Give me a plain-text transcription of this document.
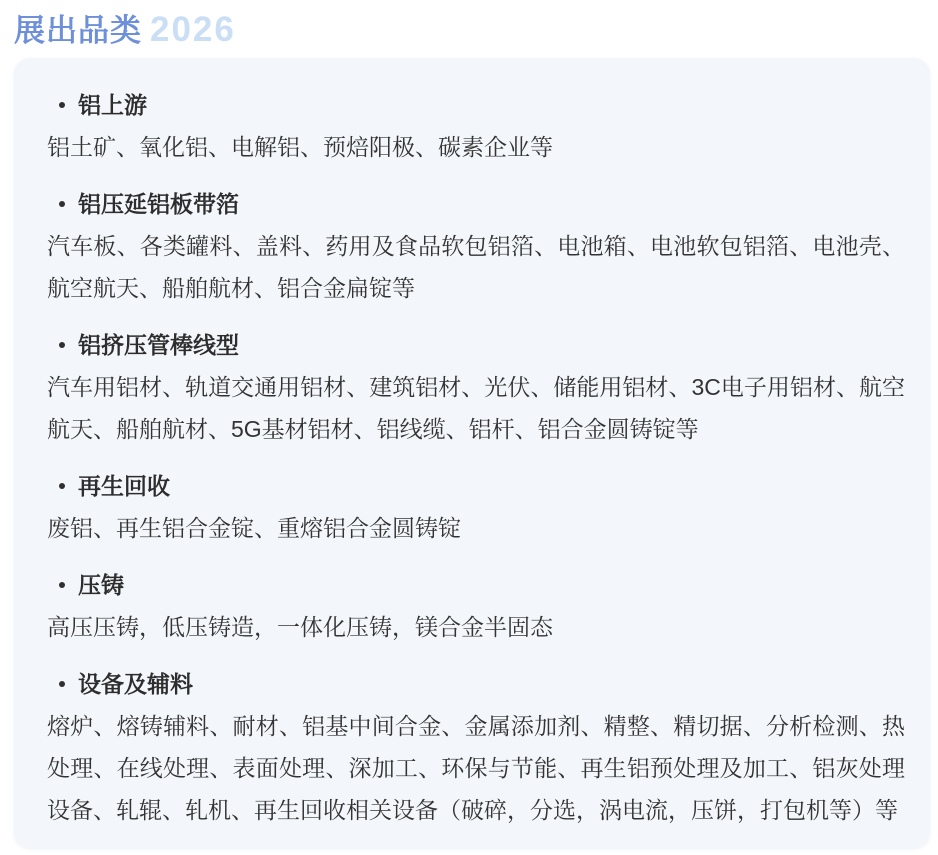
展出品类 2026
铝上游

铝土矿、氧化铝、电解铝、预焙阳极、碳素企业等

铝压延铝板带箔

汽车板、各类罐料、盖料、药用及食品软包铝箔、电池箱、电池软包铝箔、电池壳、航空航天、船舶航材、铝合金扁锭等

铝挤压管棒线型

汽车用铝材、轨道交通用铝材、建筑铝材、光伏、储能用铝材、3C电子用铝材、航空航天、船舶航材、5G基材铝材、铝线缆、铝杆、铝合金圆铸锭等

再生回收

废铝、再生铝合金锭、重熔铝合金圆铸锭

压铸

高压压铸，低压铸造，一体化压铸，镁合金半固态

设备及辅料

熔炉、熔铸辅料、耐材、铝基中间合金、金属添加剂、精整、精切据、分析检测、热处理、在线处理、表面处理、深加工、环保与节能、再生铝预处理及加工、铝灰处理设备、轧辊、轧机、再生回收相关设备（破碎，分选，涡电流，压饼，打包机等）等
